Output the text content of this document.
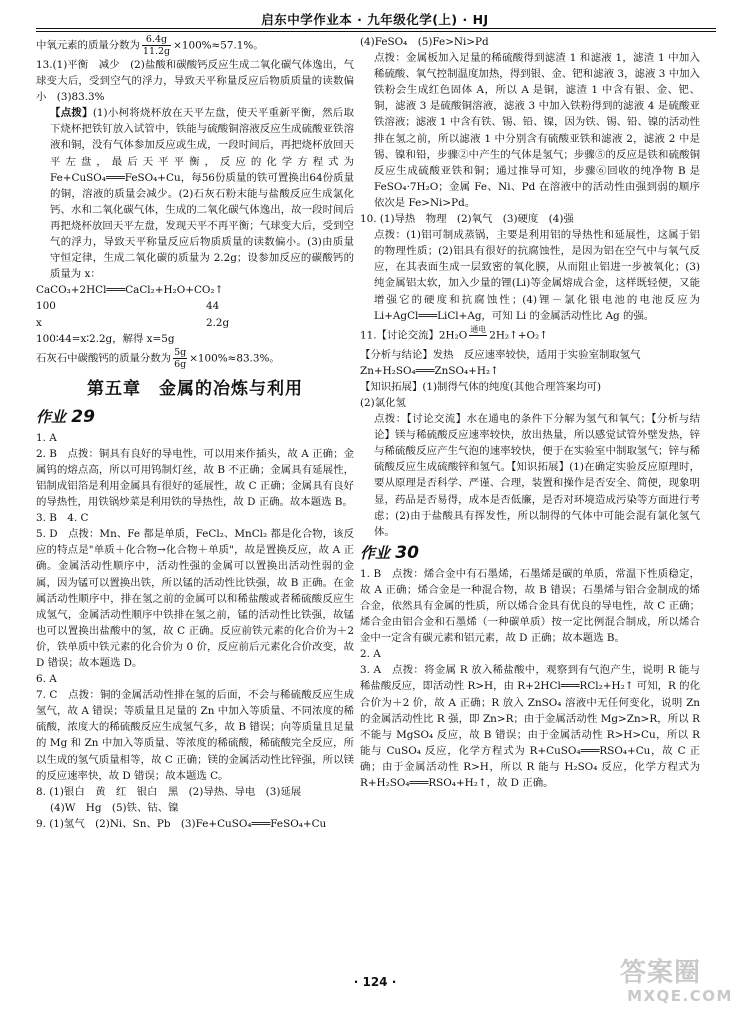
启东中学作业本 · 九年级化学(上) · HJ

中氧元素的质量分数为 $\frac{6.4g}{11.2g} \times 100\%\approx 57.1\%$。

13.(1)平衡　减少　(2)盐酸和碳酸钙反应生成二氧化碳气体逸出，气球变大后，受到空气的浮力，导致天平称量反应后物质质量的读数偏小　(3)83.3%

【点拨】(1)小柯将烧杯放在天平左盘，使天平重新平衡，然后取下烧杯把铁钉放入试管中，铁能与硫酸铜溶液反应生成硫酸亚铁溶液和铜，没有气体参加反应或生成，一段时间后，再把烧杯放回天平左盘，最后天平平衡，反应的化学方程式为 Fe+CuSO₄═══FeSO₄+Cu，每56份质量的铁可置换出64份质量的铜，溶液的质量会减少。(2)石灰石粉末能与盐酸反应生成氯化钙、水和二氧化碳气体，生成的二氧化碳气体逸出，故一段时间后再把烧杯放回天平左盘，发现天平不再平衡；气球变大后，受到空气的浮力，导致天平称量反应后物质质量的读数偏小。(3)由质量守恒定律，生成二氧化碳的质量为 2.2g；设参加反应的碳酸钙的质量为 x：

CaCO₃+2HCl═══CaCl₂+H₂O+CO₂↑

100	44
x	2.2g

100∶44=x∶2.2g，解得 x=5g

石灰石中碳酸钙的质量分数为 $\frac{5g}{6g} \times 100\%\approx 83.3\%$。

第五章　金属的冶炼与利用
作业 29

1. A

2. B　点拨：铜具有良好的导电性，可以用来作插头，故 A 正确；金属钨的熔点高，所以可用钨制灯丝，故 B 不正确；金属具有延展性，铝制成铝箔是利用金属具有很好的延展性，故 C 正确；金属具有良好的导热性，用铁锅炒菜是利用铁的导热性，故 D 正确。故本题选 B。

3. B　4. C

5. D　点拨：Mn、Fe 都是单质，FeCl₂、MnCl₂ 都是化合物，该反应的特点是"单质＋化合物→化合物＋单质"，故是置换反应，故 A 正确。金属活动性顺序中，活动性强的金属可以置换出活动性弱的金属，因为锰可以置换出铁，所以锰的活动性比铁强，故 B 正确。在金属活动性顺序中，排在氢之前的金属可以和稀盐酸或者稀硫酸反应生成氢气，金属活动性顺序中铁排在氢之前，锰的活动性比铁强，故锰也可以置换出盐酸中的氢，故 C 正确。反应前铁元素的化合价为＋2 价，铁单质中铁元素的化合价为 0 价，反应前后元素化合价改变，故 D 错误；故本题选 D。

6. A

7. C　点拨：铜的金属活动性排在氢的后面，不会与稀硫酸反应生成氢气，故 A 错误；等质量且足量的 Zn 中加入等质量、不同浓度的稀硫酸，浓度大的稀硫酸反应生成氢气多，故 B 错误；向等质量且足量的 Mg 和 Zn 中加入等质量、等浓度的稀硫酸，稀硫酸完全反应，所以生成的氢气质量相等，故 C 正确；镁的金属活动性比锌强，所以镁的反应速率快，故 D 错误；故本题选 C。

8. (1)银白　黄　红　银白　黑　(2)导热、导电　(3)延展

(4)W　Hg　(5)铁、钴、镍

9. (1)氢气　(2)Ni、Sn、Pb　(3)Fe+CuSO₄═══FeSO₄+Cu

(4)FeSO₄　(5)Fe>Ni>Pd

点拨：金属板加入足量的稀硫酸得到滤渣 1 和滤液 1，滤渣 1 中加入稀硫酸、氧气控制温度加热，得到银、金、钯和滤液 3，滤液 3 中加入铁粉会生成红色固体 A，所以 A 是铜，滤渣 1 中含有银、金、钯、铜，滤液 3 是硫酸铜溶液，滤液 3 中加入铁粉得到的滤液 4 是硫酸亚铁溶液；滤液 1 中含有铁、锡、铅、镍，因为铁、锡、铅、镍的活动性排在氢之前，所以滤液 1 中分别含有硫酸亚铁和滤液 2，滤液 2 中是锡、镍和铅，步骤②中产生的气体是氢气；步骤⑤的反应是铁和硫酸铜反应生成硫酸亚铁和铜；通过推导可知，步骤⑥回收的纯净物 B 是 FeSO₄·7H₂O；金属 Fe、Ni、Pd 在溶液中的活动性由强到弱的顺序依次是 Fe>Ni>Pd。

10. (1)导热　物理　(2)氧气　(3)硬度　(4)强

点拨：(1)铝可制成蒸锅，主要是利用铝的导热性和延展性，这属于铝的物理性质；(2)铝具有很好的抗腐蚀性，是因为铝在空气中与氧气反应，在其表面生成一层致密的氧化膜，从而阻止铝进一步被氧化；(3)纯金属铝太软，加入少量的锂(Li)等金属熔成合金，这样既轻便，又能增强它的硬度和抗腐蚀性；(4)锂－氯化银电池的电池反应为 Li+AgCl═══LiCl+Ag，可知 Li 的金属活动性比 Ag 的强。

11.【讨论交流】2H₂O 通电 2H₂↑+O₂↑

【分析与结论】发热　反应速率较快，适用于实验室制取氢气

Zn+H₂SO₄═══ZnSO₄+H₂↑

【知识拓展】(1)制得气体的纯度(其他合理答案均可)

(2)氯化氢

点拨：【讨论交流】水在通电的条件下分解为氢气和氧气；【分析与结论】镁与稀硫酸反应速率较快，放出热量，所以感觉试管外壁发热，锌与稀硫酸反应产生气泡的速率较快，便于在实验室中制取氢气；锌与稀硫酸反应生成硫酸锌和氢气。【知识拓展】(1)在确定实验反应原理时，要从原理是否科学、严谨、合理，装置和操作是否安全、简便，现象明显，药品是否易得，成本是否低廉，是否对环境造成污染等方面进行考虑；(2)由于盐酸具有挥发性，所以制得的气体中可能会混有氯化氢气体。

作业 30

1. B　点拨：烯合金中有石墨烯，石墨烯是碳的单质，常温下性质稳定，故 A 正确；烯合金是一种混合物，故 B 错误；石墨烯与铝合金制成的烯合金，依然具有金属的性质，所以烯合金具有优良的导电性，故 C 正确；烯合金由铝合金和石墨烯（一种碳单质）按一定比例混合制成，所以烯合金中一定含有碳元素和铝元素，故 D 正确；故本题选 B。

2. A

3. A　点拨：将金属 R 放入稀盐酸中，观察到有气泡产生，说明 R 能与稀盐酸反应，即活动性 R>H，由 R+2HCl═══RCl₂+H₂↑ 可知，R 的化合价为＋2 价，故 A 正确；R 放入 ZnSO₄ 溶液中无任何变化，说明 Zn 的金属活动性比 R 强，即 Zn>R；由于金属活动性 Mg>Zn>R，所以 R 不能与 MgSO₄ 反应，故 B 错误；由于金属活动性 R>H>Cu，所以 R 能与 CuSO₄ 反应，化学方程式为 R+CuSO₄═══RSO₄+Cu，故 C 正确；由于金属活动性 R>H，所以 R 能与 H₂SO₄ 反应，化学方程式为 R+H₂SO₄═══RSO₄+H₂↑，故 D 正确。

· 124 ·	答案圈
MXQE.COM
